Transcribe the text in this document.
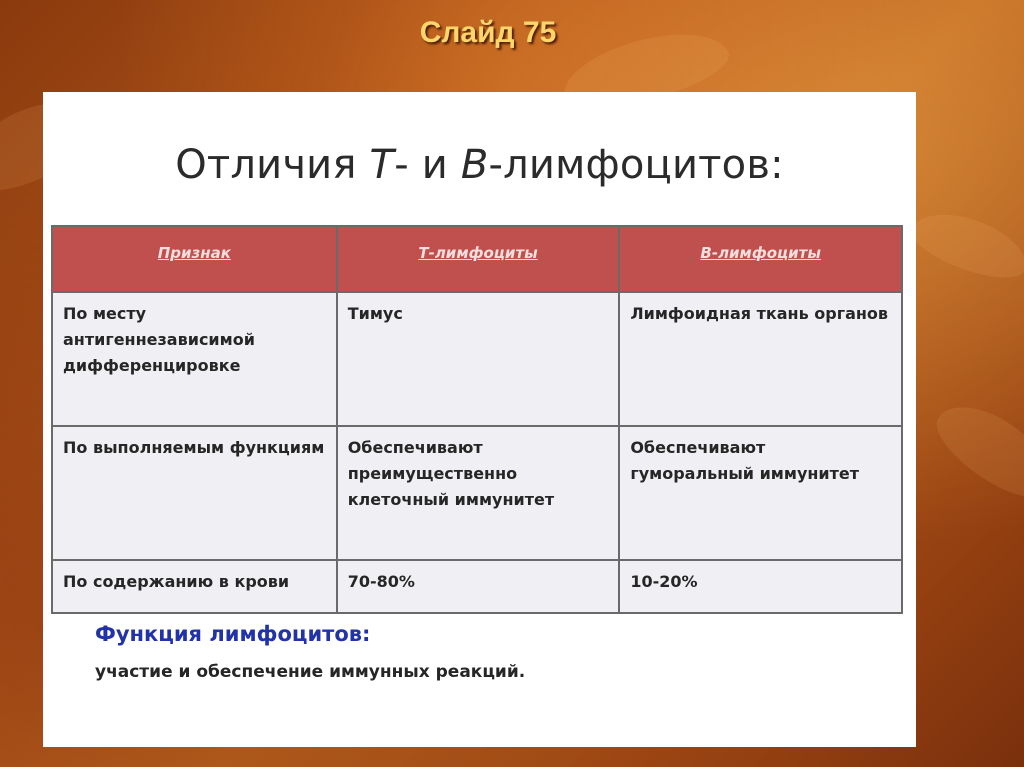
Слайд 75
Отличия Т- и В-лимфоцитов:
Признак	Т-лимфоциты	В-лимфоциты
По месту антигеннезависимой дифференцировке	Тимус	Лимфоидная ткань органов
По выполняемым функциям	Обеспечивают преимущественно клеточный иммунитет	Обеспечивают гуморальный иммунитет
По содержанию в крови	70-80%	10-20%
Функция лимфоцитов:
участие и обеспечение иммунных реакций.
